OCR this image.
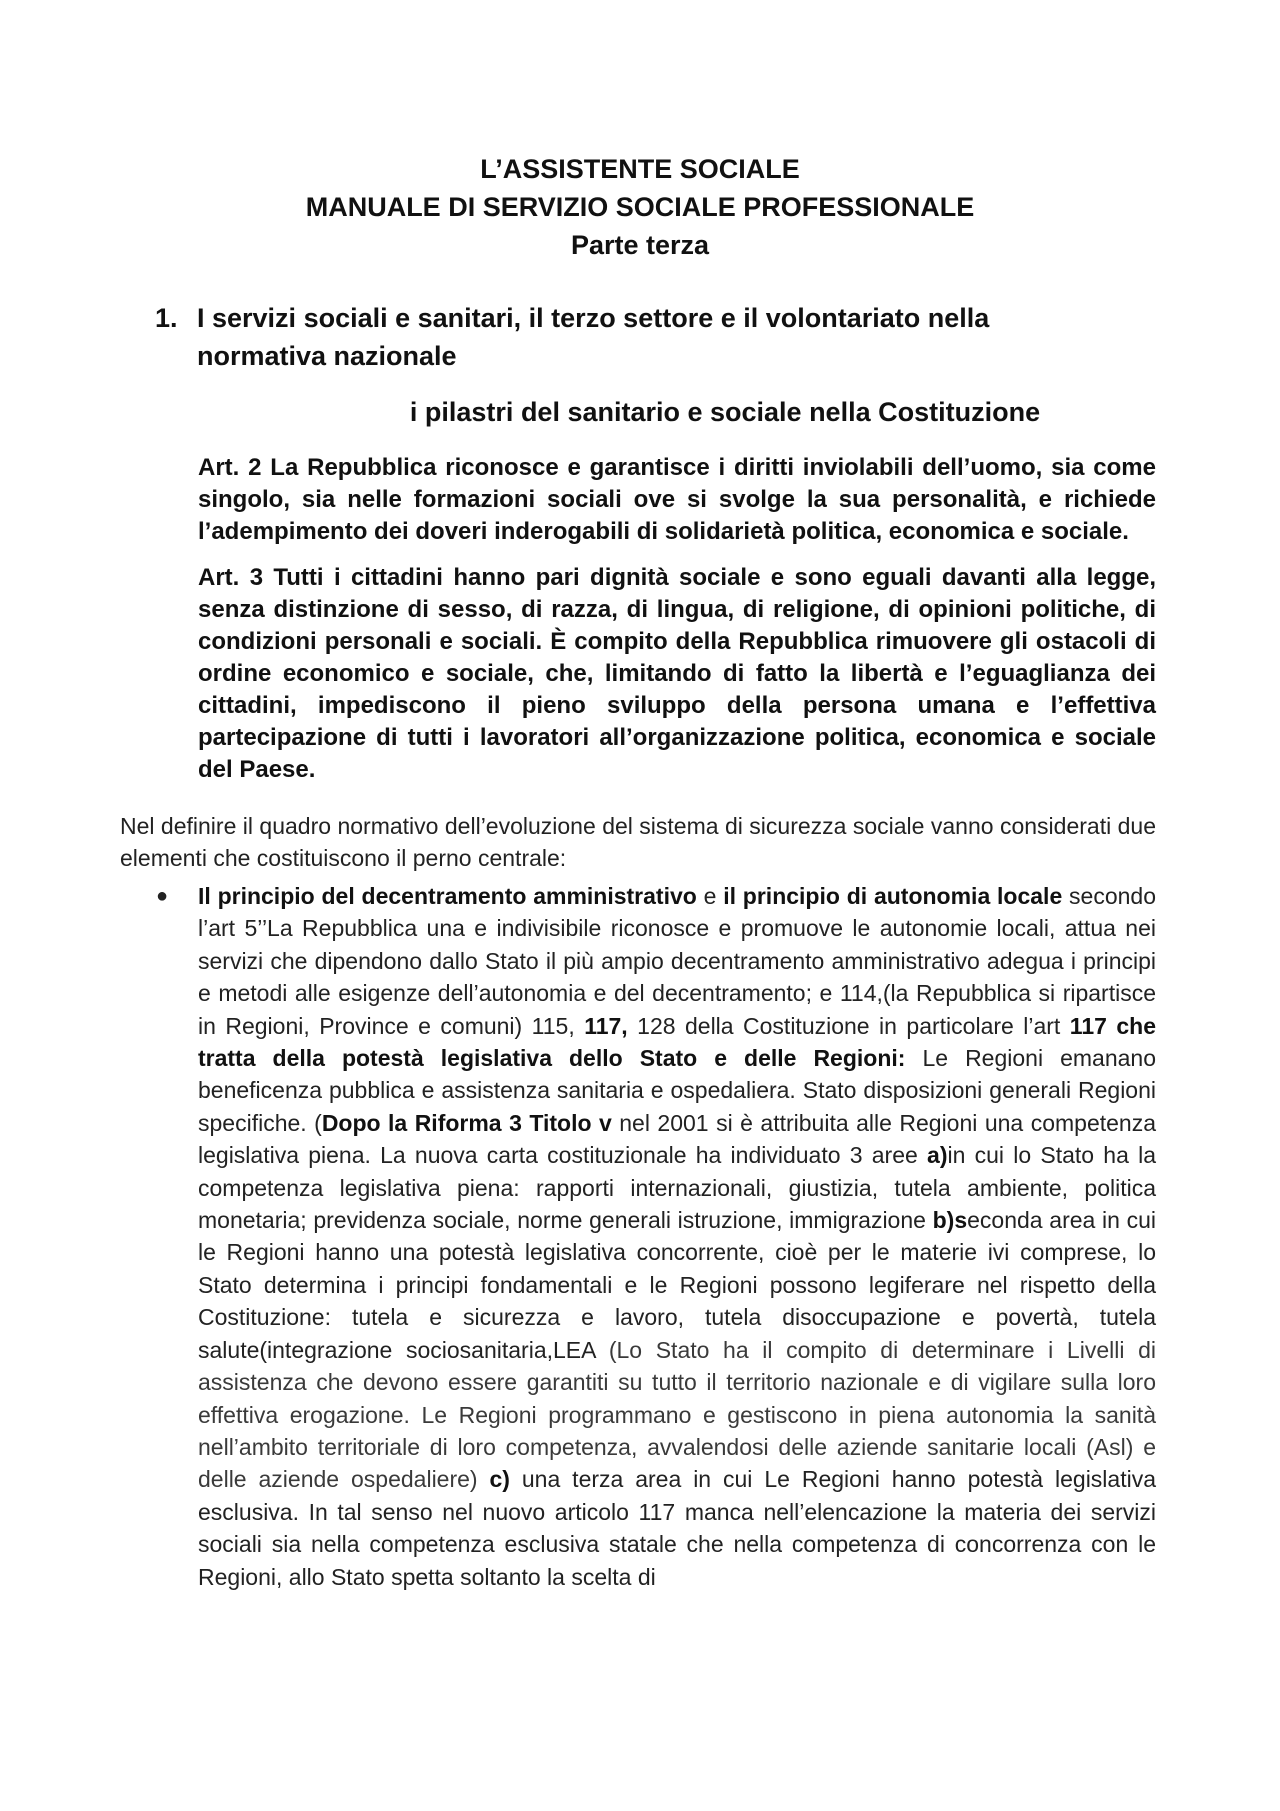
L’ASSISTENTE SOCIALE
MANUALE DI SERVIZIO SOCIALE PROFESSIONALE
Parte terza
1. I servizi sociali e sanitari, il terzo settore e il volontariato nella normativa nazionale
i pilastri del sanitario e sociale nella Costituzione

Art. 2 La Repubblica riconosce e garantisce i diritti inviolabili dell’uomo, sia come singolo, sia nelle formazioni sociali ove si svolge la sua personalità, e richiede l’adempimento dei doveri inderogabili di solidarietà politica, economica e sociale.

Art. 3 Tutti i cittadini hanno pari dignità sociale e sono eguali davanti alla legge, senza distinzione di sesso, di razza, di lingua, di religione, di opinioni politiche, di condizioni personali e sociali. È compito della Repubblica rimuovere gli ostacoli di ordine economico e sociale, che, limitando di fatto la libertà e l’eguaglianza dei cittadini, impediscono il pieno sviluppo della persona umana e l’effettiva partecipazione di tutti i lavoratori all’organizzazione politica, economica e sociale del Paese.

Nel definire il quadro normativo dell’evoluzione del sistema di sicurezza sociale vanno considerati due elementi che costituiscono il perno centrale:

● Il principio del decentramento amministrativo e il principio di autonomia locale secondo l’art 5’’La Repubblica una e indivisibile riconosce e promuove le autonomie locali, attua nei servizi che dipendono dallo Stato il più ampio decentramento amministrativo adegua i principi e metodi alle esigenze dell’autonomia e del decentramento; e 114,(la Repubblica si ripartisce in Regioni, Province e comuni) 115, 117, 128 della Costituzione in particolare l’art 117 che tratta della potestà legislativa dello Stato e delle Regioni: Le Regioni emanano beneficenza pubblica e assistenza sanitaria e ospedaliera. Stato disposizioni generali Regioni specifiche. (Dopo la Riforma 3 Titolo v nel 2001 si è attribuita alle Regioni una competenza legislativa piena. La nuova carta costituzionale ha individuato 3 aree a)in cui lo Stato ha la competenza legislativa piena: rapporti internazionali, giustizia, tutela ambiente, politica monetaria; previdenza sociale, norme generali istruzione, immigrazione b)seconda area in cui le Regioni hanno una potestà legislativa concorrente, cioè per le materie ivi comprese, lo Stato determina i principi fondamentali e le Regioni possono legiferare nel rispetto della Costituzione: tutela e sicurezza e lavoro, tutela disoccupazione e povertà, tutela salute(integrazione sociosanitaria,LEA (Lo Stato ha il compito di determinare i Livelli di assistenza che devono essere garantiti su tutto il territorio nazionale e di vigilare sulla loro effettiva erogazione. Le Regioni programmano e gestiscono in piena autonomia la sanità nell’ambito territoriale di loro competenza, avvalendosi delle aziende sanitarie locali (Asl) e delle aziende ospedaliere) c) una terza area in cui Le Regioni hanno potestà legislativa esclusiva. In tal senso nel nuovo articolo 117 manca nell’elencazione la materia dei servizi sociali sia nella competenza esclusiva statale che nella competenza di concorrenza con le Regioni, allo Stato spetta soltanto la scelta di
